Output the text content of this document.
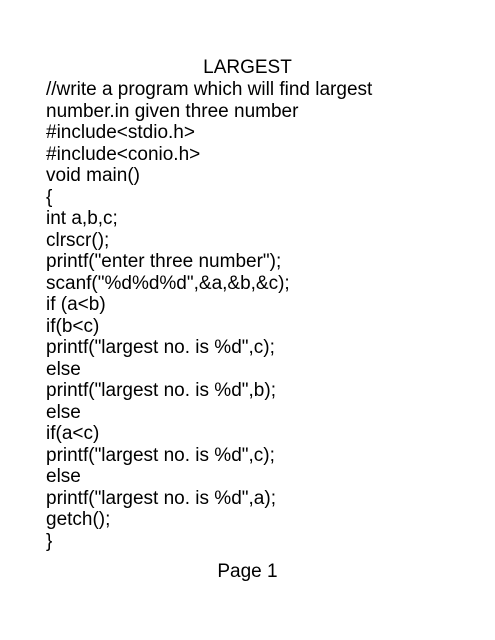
LARGEST
//write a program which will find largest
number.in given three number
#include<stdio.h>
#include<conio.h>
void main()
{
int a,b,c;
clrscr();
printf("enter three number");
scanf("%d%d%d",&a,&b,&c);
if (a<b)
if(b<c)
printf("largest no. is %d",c);
else
printf("largest no. is %d",b);
else
if(a<c)
printf("largest no. is %d",c);
else
printf("largest no. is %d",a);
getch();
}
Page 1
